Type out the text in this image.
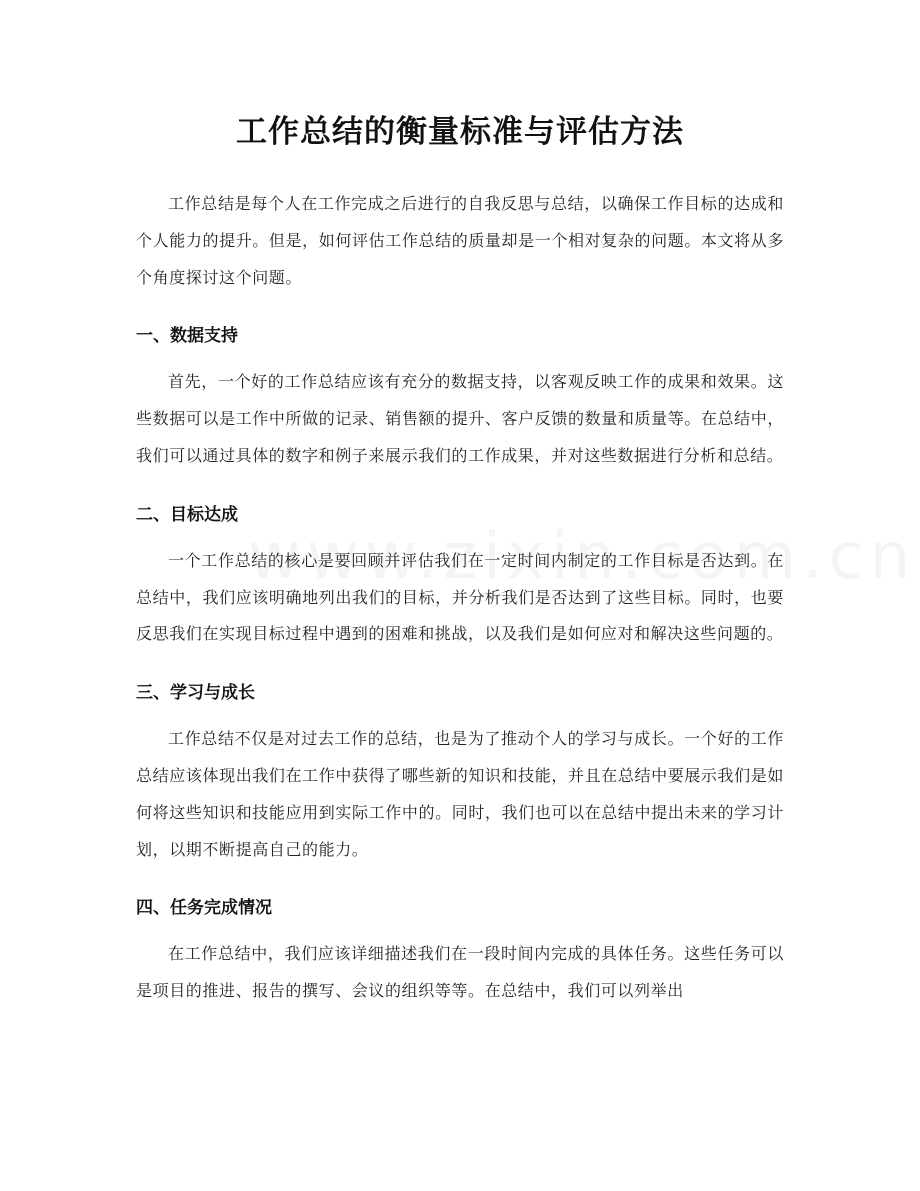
工作总结的衡量标准与评估方法

工作总结是每个人在工作完成之后进行的自我反思与总结，以确保工作目标的达成和个人能力的提升。但是，如何评估工作总结的质量却是一个相对复杂的问题。本文将从多个角度探讨这个问题。

一、数据支持

首先，一个好的工作总结应该有充分的数据支持，以客观反映工作的成果和效果。这些数据可以是工作中所做的记录、销售额的提升、客户反馈的数量和质量等。在总结中，我们可以通过具体的数字和例子来展示我们的工作成果，并对这些数据进行分析和总结。

二、目标达成

一个工作总结的核心是要回顾并评估我们在一定时间内制定的工作目标是否达到。在总结中，我们应该明确地列出我们的目标，并分析我们是否达到了这些目标。同时，也要反思我们在实现目标过程中遇到的困难和挑战，以及我们是如何应对和解决这些问题的。

三、学习与成长

工作总结不仅是对过去工作的总结，也是为了推动个人的学习与成长。一个好的工作总结应该体现出我们在工作中获得了哪些新的知识和技能，并且在总结中要展示我们是如何将这些知识和技能应用到实际工作中的。同时，我们也可以在总结中提出未来的学习计划，以期不断提高自己的能力。

四、任务完成情况

在工作总结中，我们应该详细描述我们在一段时间内完成的具体任务。这些任务可以是项目的推进、报告的撰写、会议的组织等等。在总结中，我们可以列举出
